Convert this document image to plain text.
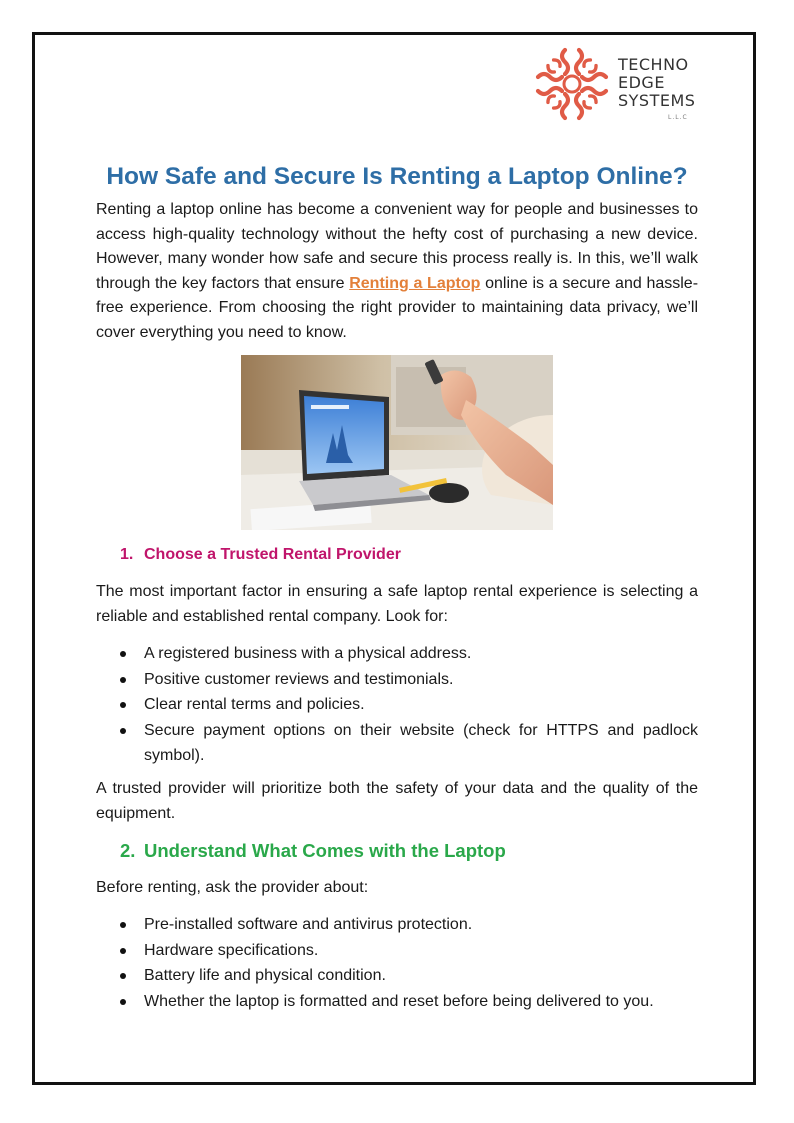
TECHNO
EDGE
SYSTEMS
L.L.C
How Safe and Secure Is Renting a Laptop Online?

Renting a laptop online has become a convenient way for people and businesses to access high-quality technology without the hefty cost of purchasing a new device. However, many wonder how safe and secure this process really is. In this, we’ll walk through the key factors that ensure Renting a Laptop online is a secure and hassle-free experience. From choosing the right provider to maintaining data privacy, we’ll cover everything you need to know.

1. Choose a Trusted Rental Provider

The most important factor in ensuring a safe laptop rental experience is selecting a reliable and established rental company. Look for:

A registered business with a physical address.
Positive customer reviews and testimonials.
Clear rental terms and policies.
Secure payment options on their website (check for HTTPS and padlock symbol).

A trusted provider will prioritize both the safety of your data and the quality of the equipment.

2. Understand What Comes with the Laptop

Before renting, ask the provider about:

Pre-installed software and antivirus protection.
Hardware specifications.
Battery life and physical condition.
Whether the laptop is formatted and reset before being delivered to you.
